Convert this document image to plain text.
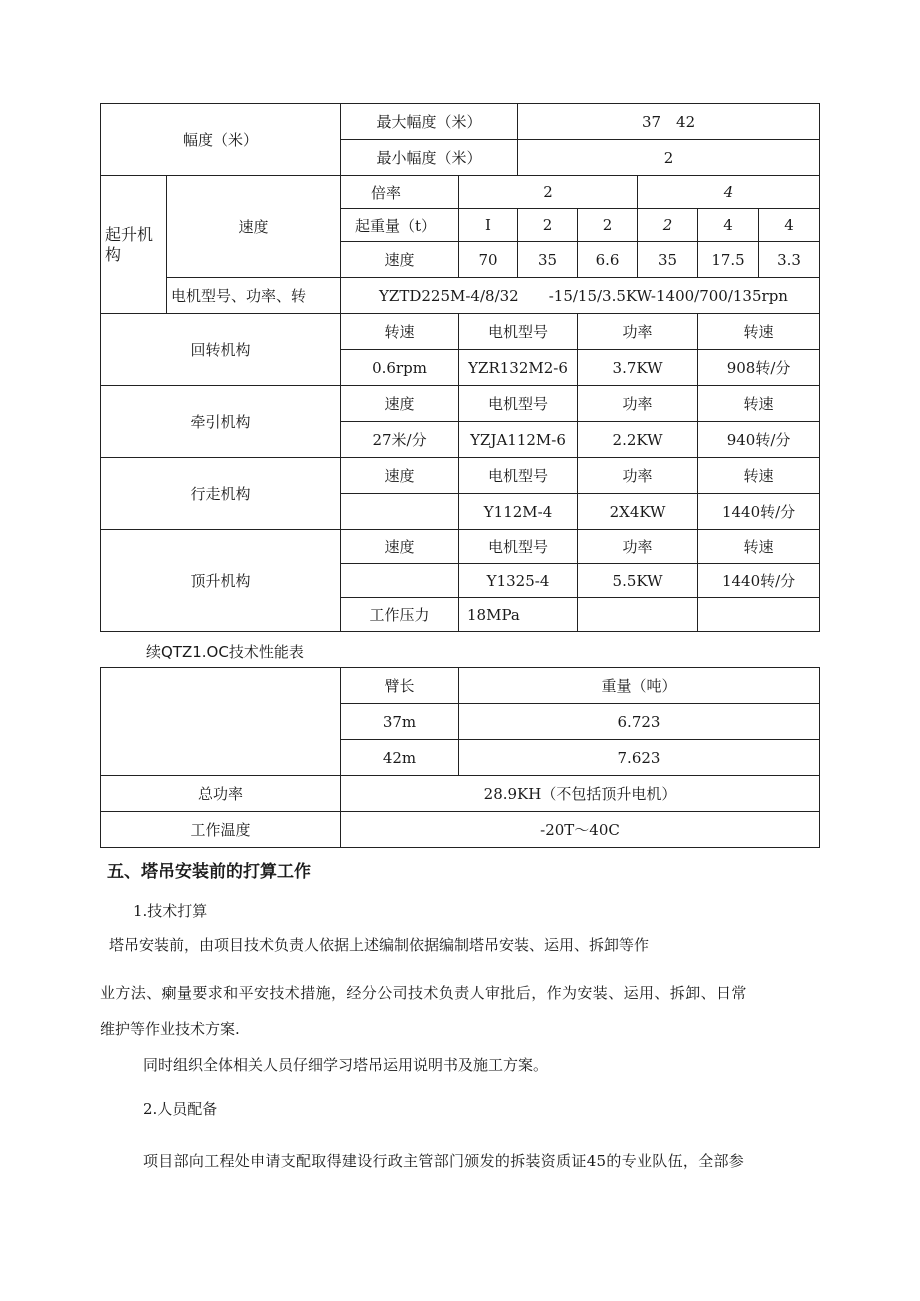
幅度（米）		最大幅度（米）		37　42				
		最小幅度（米）		2				
起升机构	速度	倍率	2			4		
		起重量（t）	I	2	2	2	4	4
		速度	70	35	6.6	35	17.5	3.3
	电机型号、功率、转	YZTD225M-4/8/32　　-15/15/3.5KW-1400/700/135rpn						
回转机构		转速	电机型号		功率		转速	
		0.6rpm	YZR132M2-6		3.7KW		908转/分	
牵引机构		速度	电机型号		功率		转速	
		27米/分	YZJA112M-6		2.2KW		940转/分	
行走机构		速度	电机型号		功率		转速	
			Y112M-4		2X4KW		1440转/分	
顶升机构		速度	电机型号		功率		转速	
			Y1325-4		5.5KW		1440转/分	
		工作压力	18MPa					
续QTZ1.OC技术性能表
	臂长	重量（吨）
	37m	6.723
	42m	7.623
总功率	28.9KH（不包括顶升电机）	
工作温度	-20T～40C	
五、塔吊安装前的打算工作
1.技术打算
塔吊安装前，由项目技术负责人依据上述编制依据编制塔吊安装、运用、拆卸等作
业方法、瘌量要求和平安技术措施，经分公司技术负责人审批后，作为安装、运用、拆卸、日常
维护等作业技术方案.
同时组织全体相关人员仔细学习塔吊运用说明书及施工方案。
2.人员配备
项目部向工程处申请支配取得建设行政主管部门颁发的拆装资质证45的专业队伍，全部参
